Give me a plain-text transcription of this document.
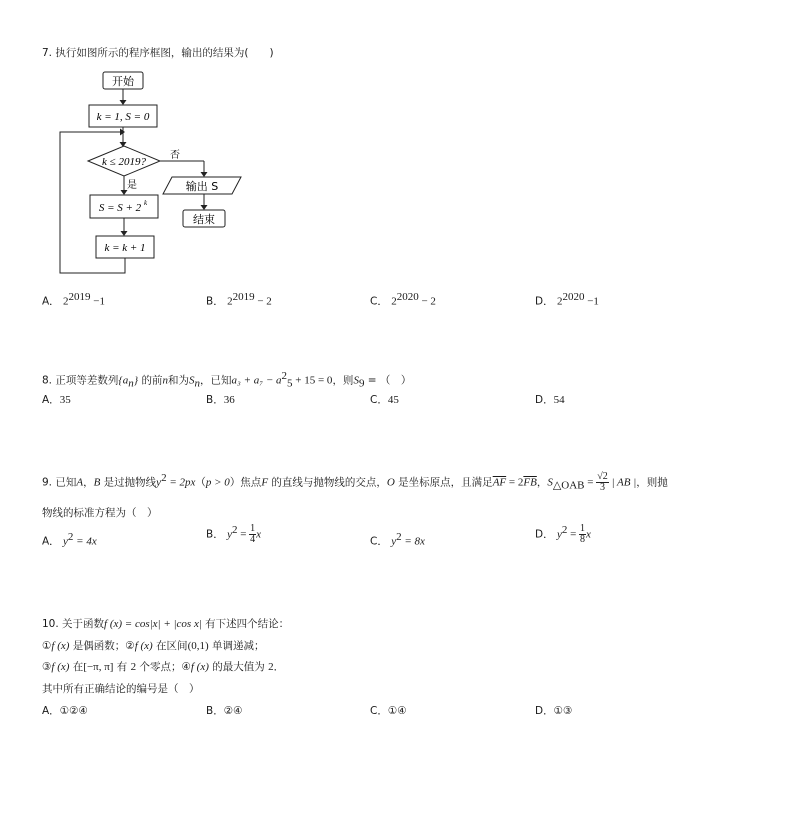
7. 执行如图所示的程序框图，输出的结果为(　　)
开始
k = 1, S = 0
k ≤ 2019?
否
输出 S
结束
是
S = S + 2 k
k = k + 1
A． $2^{2019} -1$	B． $2^{2019} - 2$	C． $2^{2020} - 2$	D． $2^{2020} -1$
8. 正项等差数列$\{a_n\}$ 的前n和为$S_n$，已知$a_3 + a_7 - a^2_5 + 15 = 0$，则$S_9$ = （　）
A．35	B．36	C．45	D．54
9. 已知A，B 是过抛物线$y^2 = 2px(p > 0)$焦点F 的直线与抛物线的交点，O 是坐标原点，且满足$\overline{AF} = 2\overline{FB}$，$S_{\triangle OAB} = \frac{√2}{3}$ | AB |，则抛
物线的标准方程为（　）
A． $y^2 = 4x$
B． $y^2 = \frac{1}{4}$ x
C． $y^2 = 8x$
D． $y^2 = \frac{1}{8}$ x
10. 关于函数f (x) = cos|x| + |cos x| 有下述四个结论：
①f (x) 是偶函数；②f (x) 在区间(0,1) 单调递减；
③f (x) 在[−π, π] 有 2 个零点；④f (x) 的最大值为 2．
其中所有正确结论的编号是（　）
A．①②④	B．②④	C．①④	D．①③
